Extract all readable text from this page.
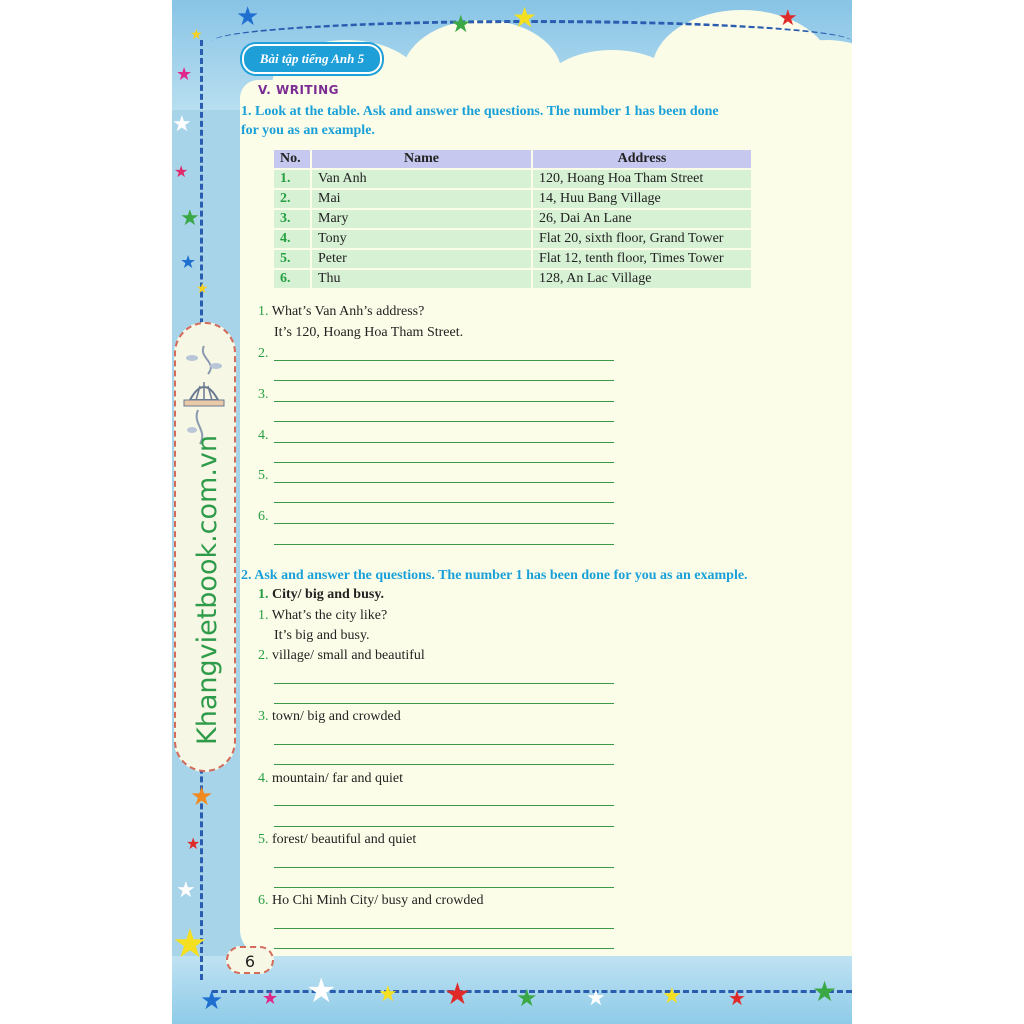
★
★	★ ★	★
★
★
★
★
★
★
★
★
★
★
★ ★ ★ ★ ★ ★ ★	★ ★ ★
Bài tập tiếng Anh 5
Khangvietbook.com.vn
V. WRITING
1. Look at the table. Ask and answer the questions. The number 1 has been done
for you as an example.
No.	Name	Address
1.	Van Anh	120, Hoang Hoa Tham Street
2.	Mai	14, Huu Bang Village
3.	Mary	26, Dai An Lane
4.	Tony	Flat 20, sixth floor, Grand Tower
5.	Peter	Flat 12, tenth floor, Times Tower
6.	Thu	128, An Lac Village
1. What’s Van Anh’s address?
It’s 120, Hoang Hoa Tham Street.
2.
3.
4.
5.
6.
2. Ask and answer the questions. The number 1 has been done for you as an example.
1. City/ big and busy.
1. What’s the city like?
It’s big and busy.
2. village/ small and beautiful
3. town/ big and crowded
4. mountain/ far and quiet
5. forest/ beautiful and quiet
6. Ho Chi Minh City/ busy and crowded
6
